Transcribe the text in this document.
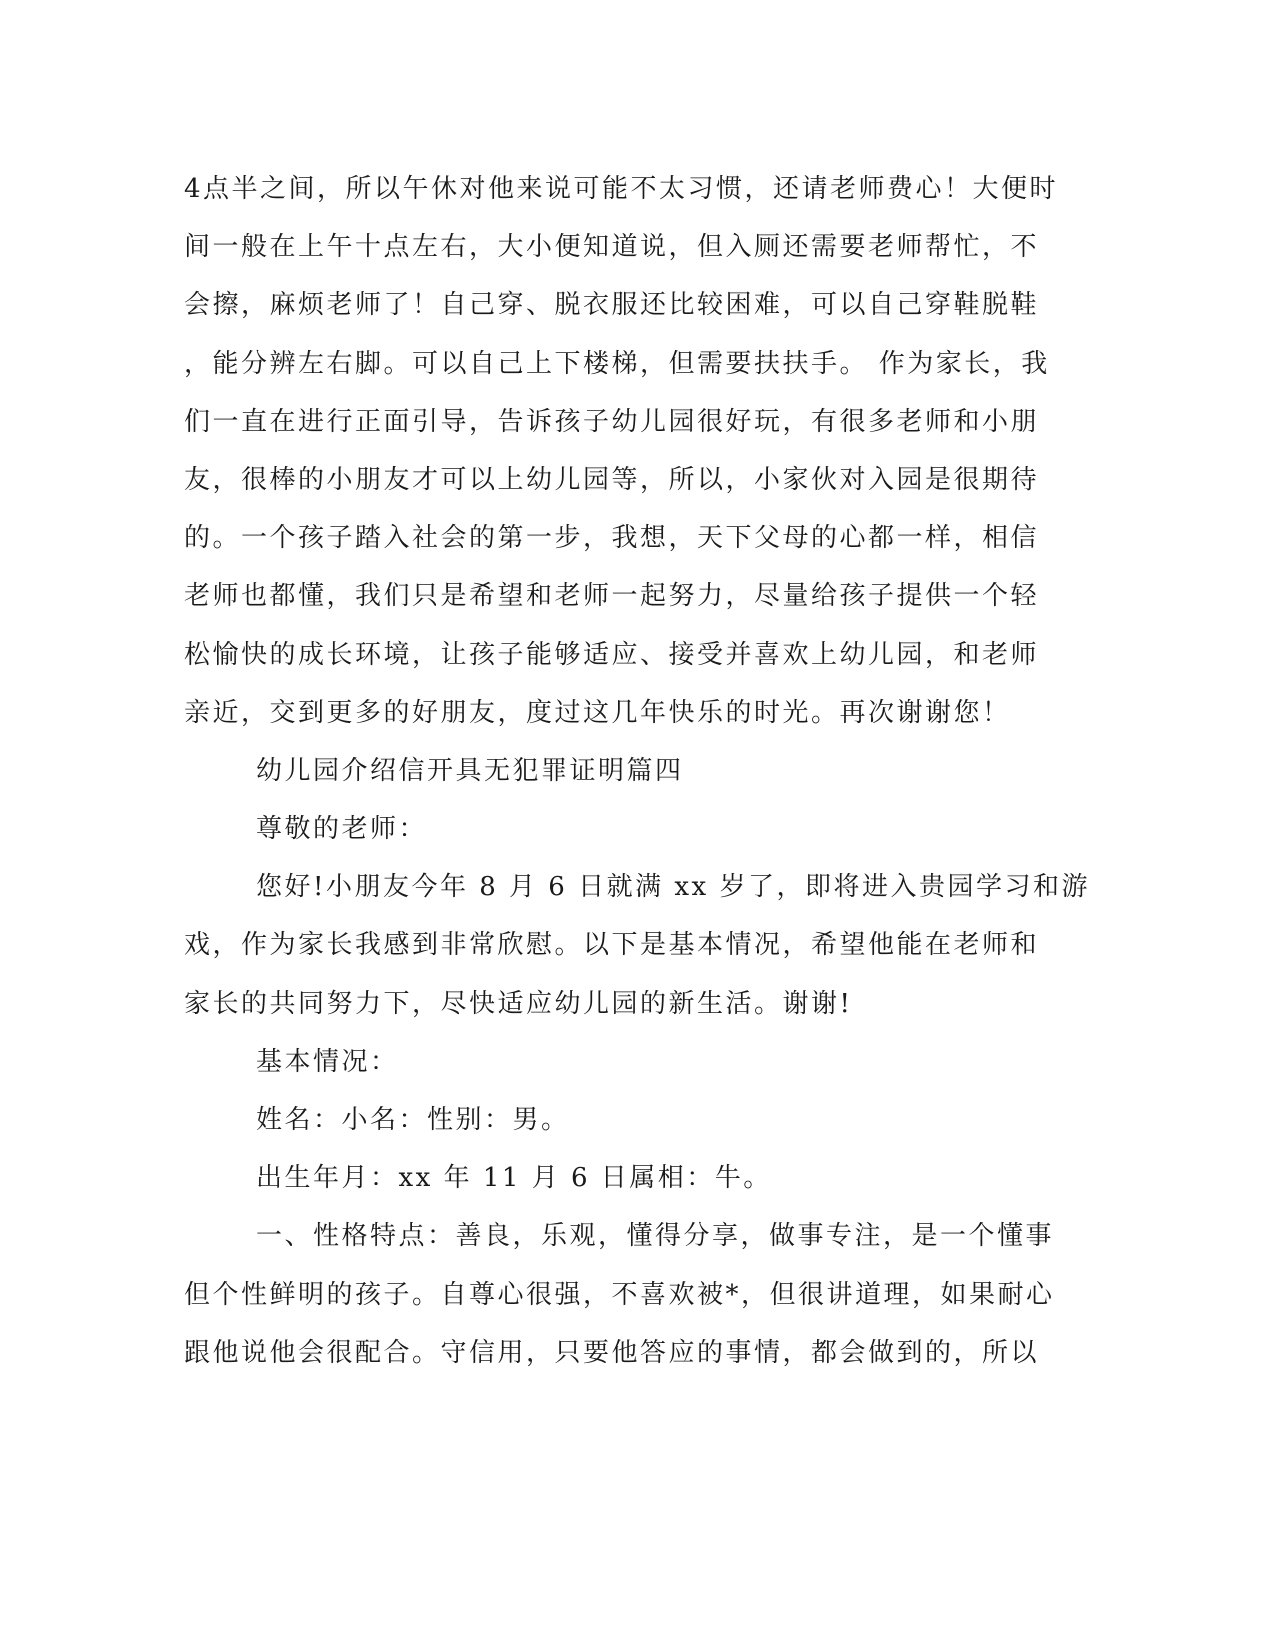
4点半之间，所以午休对他来说可能不太习惯，还请老师费心！大便时

间一般在上午十点左右，大小便知道说，但入厕还需要老师帮忙，不

会擦，麻烦老师了！自己穿、脱衣服还比较困难，可以自己穿鞋脱鞋

，能分辨左右脚。可以自己上下楼梯，但需要扶扶手。 作为家长，我

们一直在进行正面引导，告诉孩子幼儿园很好玩，有很多老师和小朋

友，很棒的小朋友才可以上幼儿园等，所以，小家伙对入园是很期待

的。一个孩子踏入社会的第一步，我想，天下父母的心都一样，相信

老师也都懂，我们只是希望和老师一起努力，尽量给孩子提供一个轻

松愉快的成长环境，让孩子能够适应、接受并喜欢上幼儿园，和老师

亲近，交到更多的好朋友，度过这几年快乐的时光。再次谢谢您！

幼儿园介绍信开具无犯罪证明篇四

尊敬的老师：

您好!小朋友今年 8 月 6 日就满 xx 岁了，即将进入贵园学习和游

戏，作为家长我感到非常欣慰。以下是基本情况，希望他能在老师和

家长的共同努力下，尽快适应幼儿园的新生活。谢谢!

基本情况：

姓名：小名：性别：男。

出生年月：xx 年 11 月 6 日属相：牛。

一、性格特点：善良，乐观，懂得分享，做事专注，是一个懂事

但个性鲜明的孩子。自尊心很强，不喜欢被*，但很讲道理，如果耐心

跟他说他会很配合。守信用，只要他答应的事情，都会做到的，所以
